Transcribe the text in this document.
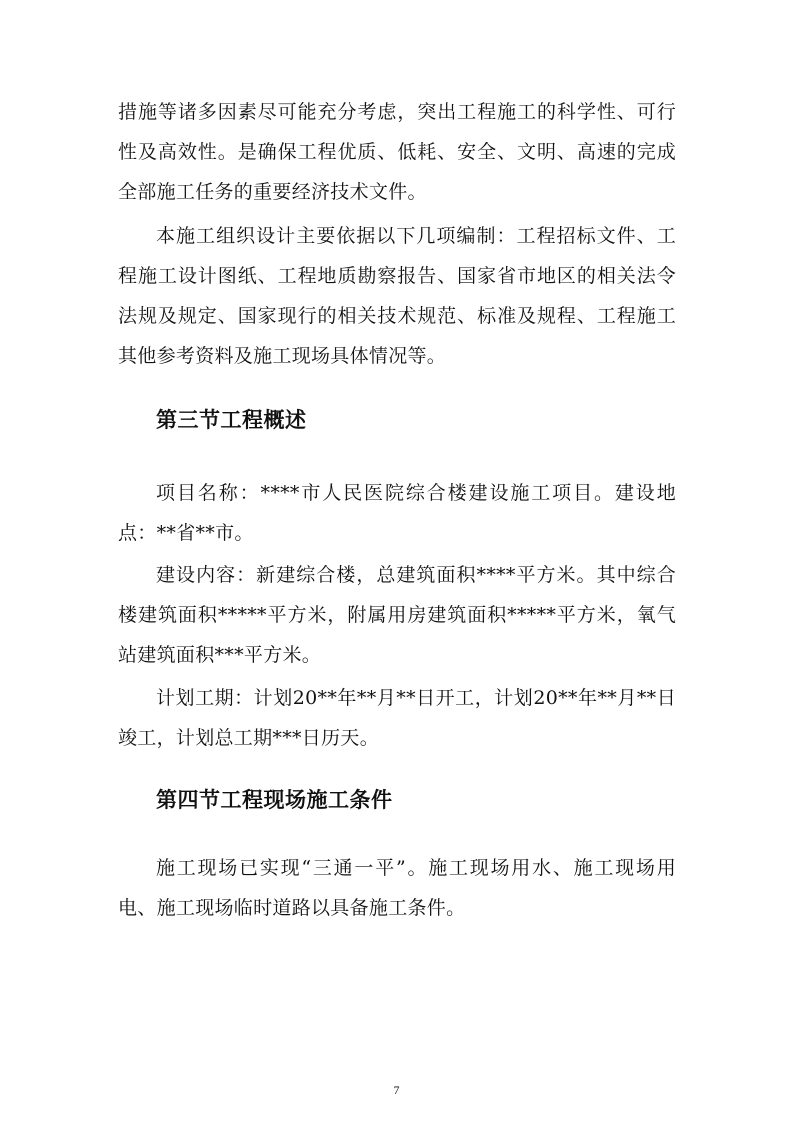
措施等诸多因素尽可能充分考虑，突出工程施工的科学性、可行性及高效性。是确保工程优质、低耗、安全、文明、高速的完成全部施工任务的重要经济技术文件。

本施工组织设计主要依据以下几项编制：工程招标文件、工程施工设计图纸、工程地质勘察报告、国家省市地区的相关法令法规及规定、国家现行的相关技术规范、标准及规程、工程施工其他参考资料及施工现场具体情况等。

第三节工程概述

项目名称：****市人民医院综合楼建设施工项目。建设地点：**省**市。

建设内容：新建综合楼，总建筑面积****平方米。其中综合楼建筑面积*****平方米，附属用房建筑面积*****平方米，氧气站建筑面积***平方米。

计划工期：计划20**年**月**日开工，计划20**年**月**日竣工，计划总工期***日历天。

第四节工程现场施工条件

施工现场已实现“三通一平”。施工现场用水、施工现场用电、施工现场临时道路以具备施工条件。

7
